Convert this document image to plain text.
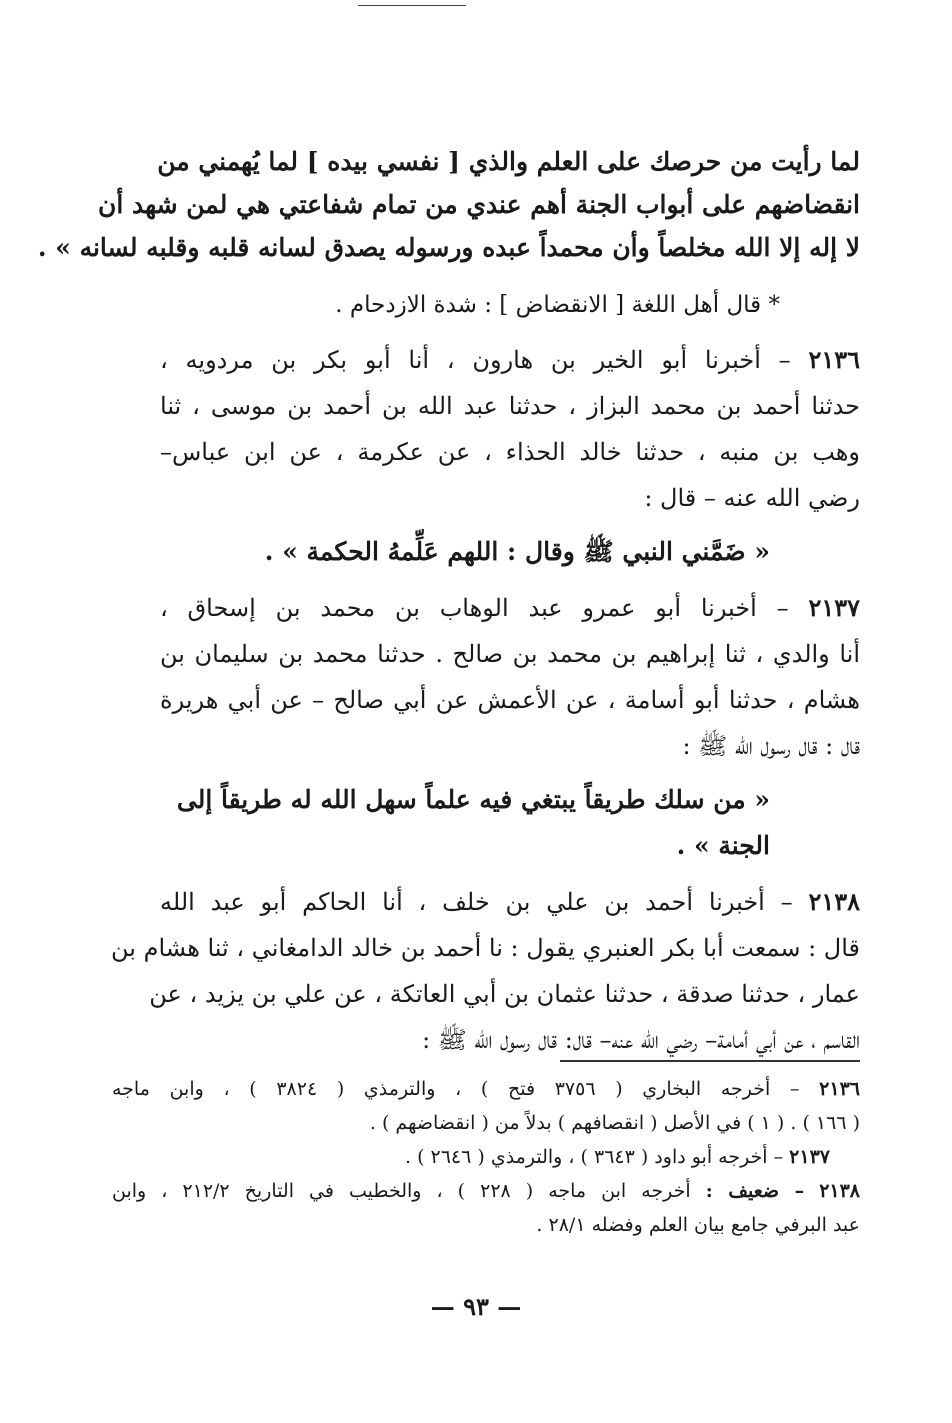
لما رأيت من حرصك على العلم والذي [ نفسي بيده ] لما يُهمني من
انقضاضهم على أبواب الجنة أهم عندي من تمام شفاعتي هي لمن شهد أن
لا إله إلا الله مخلصاً وأن محمداً عبده ورسوله يصدق لسانه قلبه وقلبه لسانه » .

* قال أهل اللغة [ الانقضاض ] : شدة الازدحام .

٢١٣٦ – أخبرنا أبو الخير بن هارون ، أنا أبو بكر بن مردويه ،
حدثنا أحمد بن محمد البزاز ، حدثنا عبد الله بن أحمد بن موسى ، ثنا
وهب بن منبه ، حدثنا خالد الحذاء ، عن عكرمة ، عن ابن عباس–
رضي الله عنه – قال :

« ضَمَّني النبي ﷺ وقال : اللهم عَلِّمهُ الحكمة » .

٢١٣٧ – أخبرنا أبو عمرو عبد الوهاب بن محمد بن إسحاق ،
أنا والدي ، ثنا إبراهيم بن محمد بن صالح . حدثنا محمد بن سليمان بن
هشام ، حدثنا أبو أسامة ، عن الأعمش عن أبي صالح – عن أبي هريرة
قال : قال رسول الله ﷺ :

« من سلك طريقاً يبتغي فيه علماً سهل الله له طريقاً إلى الجنة » .

٢١٣٨ – أخبرنا أحمد بن علي بن خلف ، أنا الحاكم أبو عبد الله
قال : سمعت أبا بكر العنبري يقول : نا أحمد بن خالد الدامغاني ، ثنا هشام بن
عمار ، حدثنا صدقة ، حدثنا عثمان بن أبي العاتكة ، عن علي بن يزيد ، عن
القاسم ، عن أبي أمامة– رضي الله عنه– قال: قال رسول الله ﷺ :

٢١٣٦ – أخرجه البخاري ( ٣٧٥٦ فتح ) ، والترمذي ( ٣٨٢٤ ) ، وابن ماجه
( ١٦٦ ) . ( ١ ) في الأصل ( انقصافهم ) بدلاً من ( انقضاضهم ) .
٢١٣٧ – أخرجه أبو داود ( ٣٦٤٣ ) ، والترمذي ( ٢٦٤٦ ) .
٢١٣٨ – ضعيف : أخرجه ابن ماجه ( ٢٢٨ ) ، والخطيب في التاريخ ٢١٢/٢ ، وابن
عبد البرفي جامع بيان العلم وفضله ٢٨/١ .
— ٩٣ —
